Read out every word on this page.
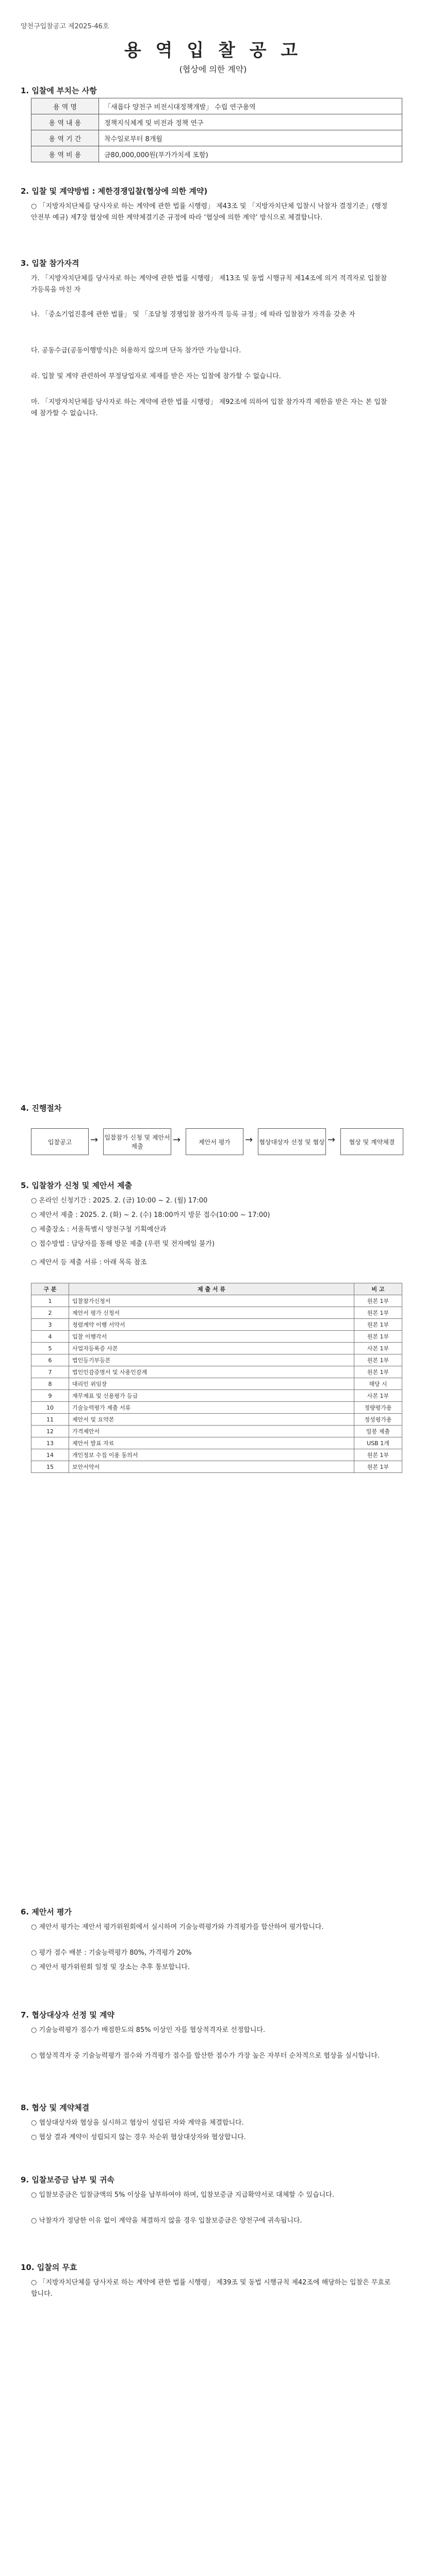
양천구입찰공고 제2025-46호
용 역 입 찰 공 고
(협상에 의한 계약)
1. 입찰에 부치는 사항
용 역 명	「새롭다 양천구 비전시대정책개발」 수립 연구용역
용 역 내 용	정책지식체계 및 비전과 정책 연구
용 역 기 간	착수일로부터 8개월
용 역 비 용	금80,000,000원(부가가치세 포함)
2. 입찰 및 계약방법 : 제한경쟁입찰(협상에 의한 계약)
○ 「지방자치단체를 당사자로 하는 계약에 관한 법률 시행령」 제43조 및 「지방자치단체 입찰시 낙찰자 결정기준」(행정안전부 예규) 제7장 협상에 의한 계약체결기준 규정에 따라 ‘협상에 의한 계약’ 방식으로 체결합니다.
3. 입찰 참가자격
가. 「지방자치단체를 당사자로 하는 계약에 관한 법률 시행령」 제13조 및 동법 시행규칙 제14조에 의거 적격자로 입찰참가등록을 마친 자
나. 「중소기업진흥에 관한 법률」 및 「조달청 경쟁입찰 참가자격 등록 규정」에 따라 입찰참가 자격을 갖춘 자
다. 공동수급(공동이행방식)은 허용하지 않으며 단독 참가만 가능합니다.
라. 입찰 및 계약 관련하여 부정당업자로 제재를 받은 자는 입찰에 참가할 수 없습니다.
마. 「지방자치단체를 당사자로 하는 계약에 관한 법률 시행령」 제92조에 의하여 입찰 참가자격 제한을 받은 자는 본 입찰에 참가할 수 없습니다.
4. 진행절차
입찰공고	→ 입찰참가 신청 및 제안서 제출
→	제안서 평가	→ 협상대상자 선정 및 협상 →	협상 및 계약체결
5. 입찰참가 신청 및 제안서 제출
○ 온라인 신청기간 : 2025. 2. (금) 10:00 ~ 2. (월) 17:00
○ 제안서 제출 : 2025. 2. (화) ~ 2. (수) 18:00까지 방문 접수(10:00 ~ 17:00)
○ 제출장소 : 서울특별시 양천구청 기획예산과
○ 접수방법 : 담당자를 통해 방문 제출 (우편 및 전자메일 불가)
○ 제안서 등 제출 서류 : 아래 목록 참조
구 분	제 출 서 류	비 고
1	입찰참가신청서	원본 1부
2	제안서 평가 신청서	원본 1부
3	청렴계약 이행 서약서	원본 1부
4	입찰 이행각서	원본 1부
5	사업자등록증 사본	사본 1부
6	법인등기부등본	원본 1부
7	법인인감증명서 및 사용인감계	원본 1부
8	대리인 위임장	해당 시
9	재무제표 및 신용평가 등급	사본 1부
10	기술능력평가 제출 서류	정량평가용
11	제안서 및 요약본	정성평가용
12	가격제안서	밀봉 제출
13	제안서 발표 자료	USB 1개
14	개인정보 수집 이용 동의서	원본 1부
15	보안서약서	원본 1부
6. 제안서 평가
○ 제안서 평가는 제안서 평가위원회에서 실시하며 기술능력평가와 가격평가를 합산하여 평가합니다.
○ 평가 점수 배분 : 기술능력평가 80%, 가격평가 20%
○ 제안서 평가위원회 일정 및 장소는 추후 통보합니다.
7. 협상대상자 선정 및 계약
○ 기술능력평가 점수가 배점한도의 85% 이상인 자를 협상적격자로 선정합니다.
○ 협상적격자 중 기술능력평가 점수와 가격평가 점수를 합산한 점수가 가장 높은 자부터 순차적으로 협상을 실시합니다.
8. 협상 및 계약체결
○ 협상대상자와 협상을 실시하고 협상이 성립된 자와 계약을 체결합니다.
○ 협상 결과 계약이 성립되지 않는 경우 차순위 협상대상자와 협상합니다.
9. 입찰보증금 납부 및 귀속
○ 입찰보증금은 입찰금액의 5% 이상을 납부하여야 하며, 입찰보증금 지급확약서로 대체할 수 있습니다.
○ 낙찰자가 정당한 이유 없이 계약을 체결하지 않을 경우 입찰보증금은 양천구에 귀속됩니다.
10. 입찰의 무효
○ 「지방자치단체를 당사자로 하는 계약에 관한 법률 시행령」 제39조 및 동법 시행규칙 제42조에 해당하는 입찰은 무효로 합니다.
